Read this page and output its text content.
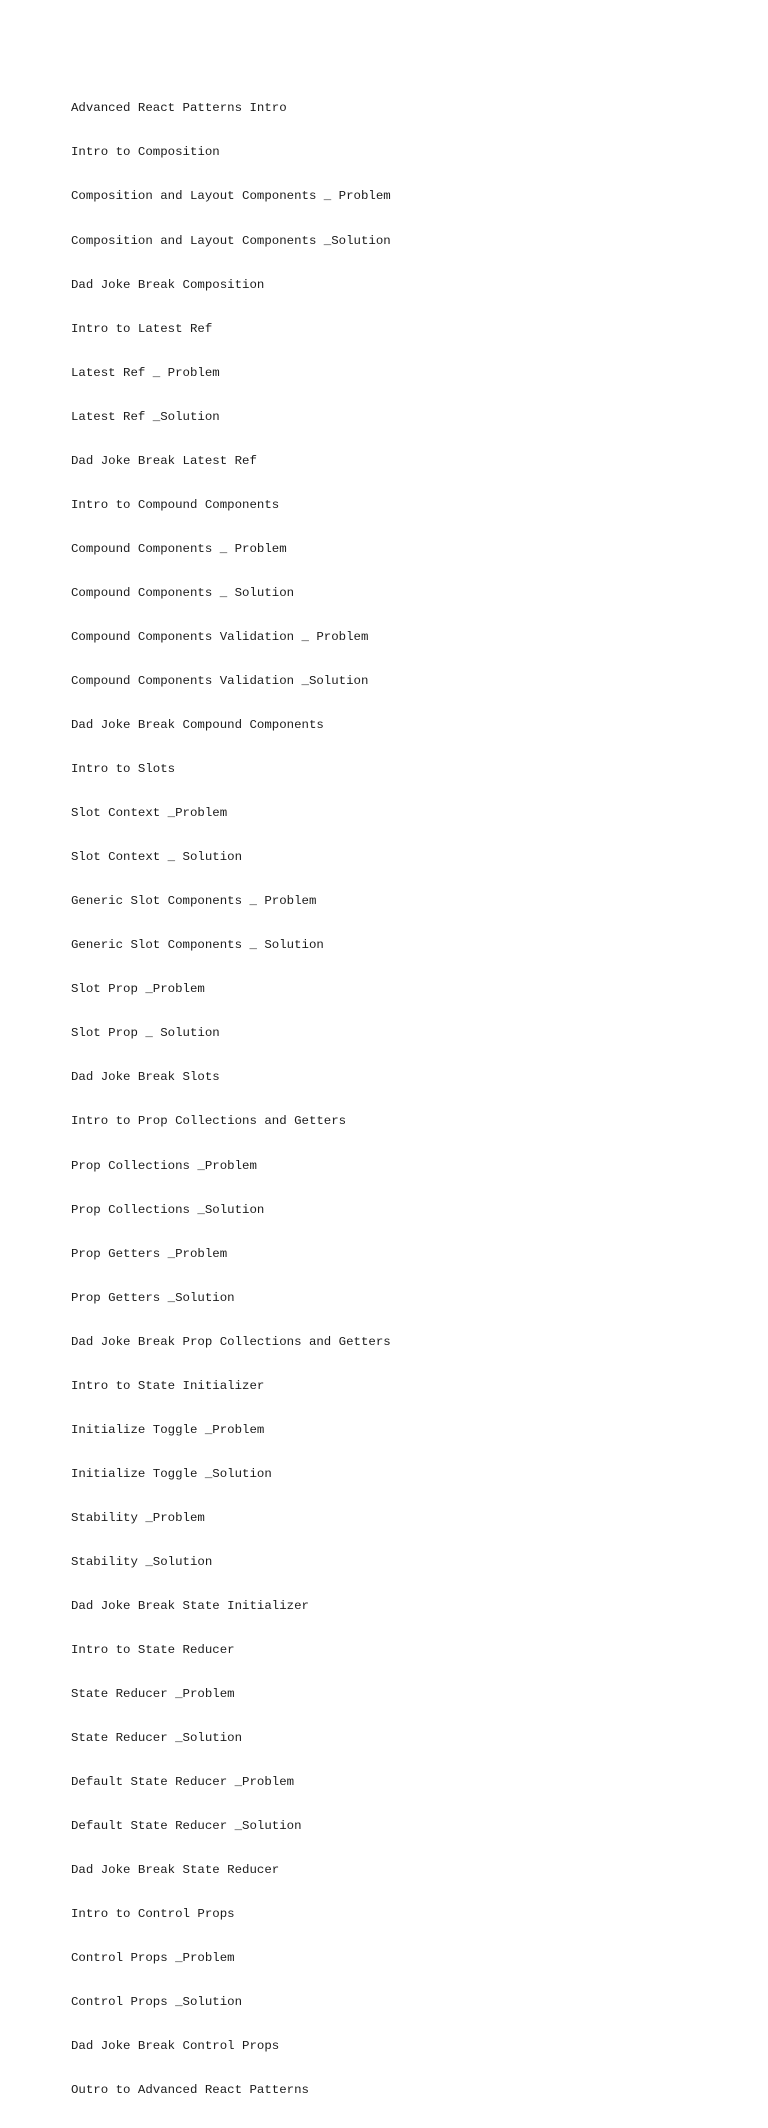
Advanced React Patterns Intro

Intro to Composition

Composition and Layout Components _ Problem

Composition and Layout Components _Solution

Dad Joke Break Composition

Intro to Latest Ref

Latest Ref _ Problem

Latest Ref _Solution

Dad Joke Break Latest Ref

Intro to Compound Components

Compound Components _ Problem

Compound Components _ Solution

Compound Components Validation _ Problem

Compound Components Validation _Solution

Dad Joke Break Compound Components

Intro to Slots

Slot Context _Problem

Slot Context _ Solution

Generic Slot Components _ Problem

Generic Slot Components _ Solution

Slot Prop _Problem

Slot Prop _ Solution

Dad Joke Break Slots

Intro to Prop Collections and Getters

Prop Collections _Problem

Prop Collections _Solution

Prop Getters _Problem

Prop Getters _Solution

Dad Joke Break Prop Collections and Getters

Intro to State Initializer

Initialize Toggle _Problem

Initialize Toggle _Solution

Stability _Problem

Stability _Solution

Dad Joke Break State Initializer

Intro to State Reducer

State Reducer _Problem

State Reducer _Solution

Default State Reducer _Problem

Default State Reducer _Solution

Dad Joke Break State Reducer

Intro to Control Props

Control Props _Problem

Control Props _Solution

Dad Joke Break Control Props

Outro to Advanced React Patterns
